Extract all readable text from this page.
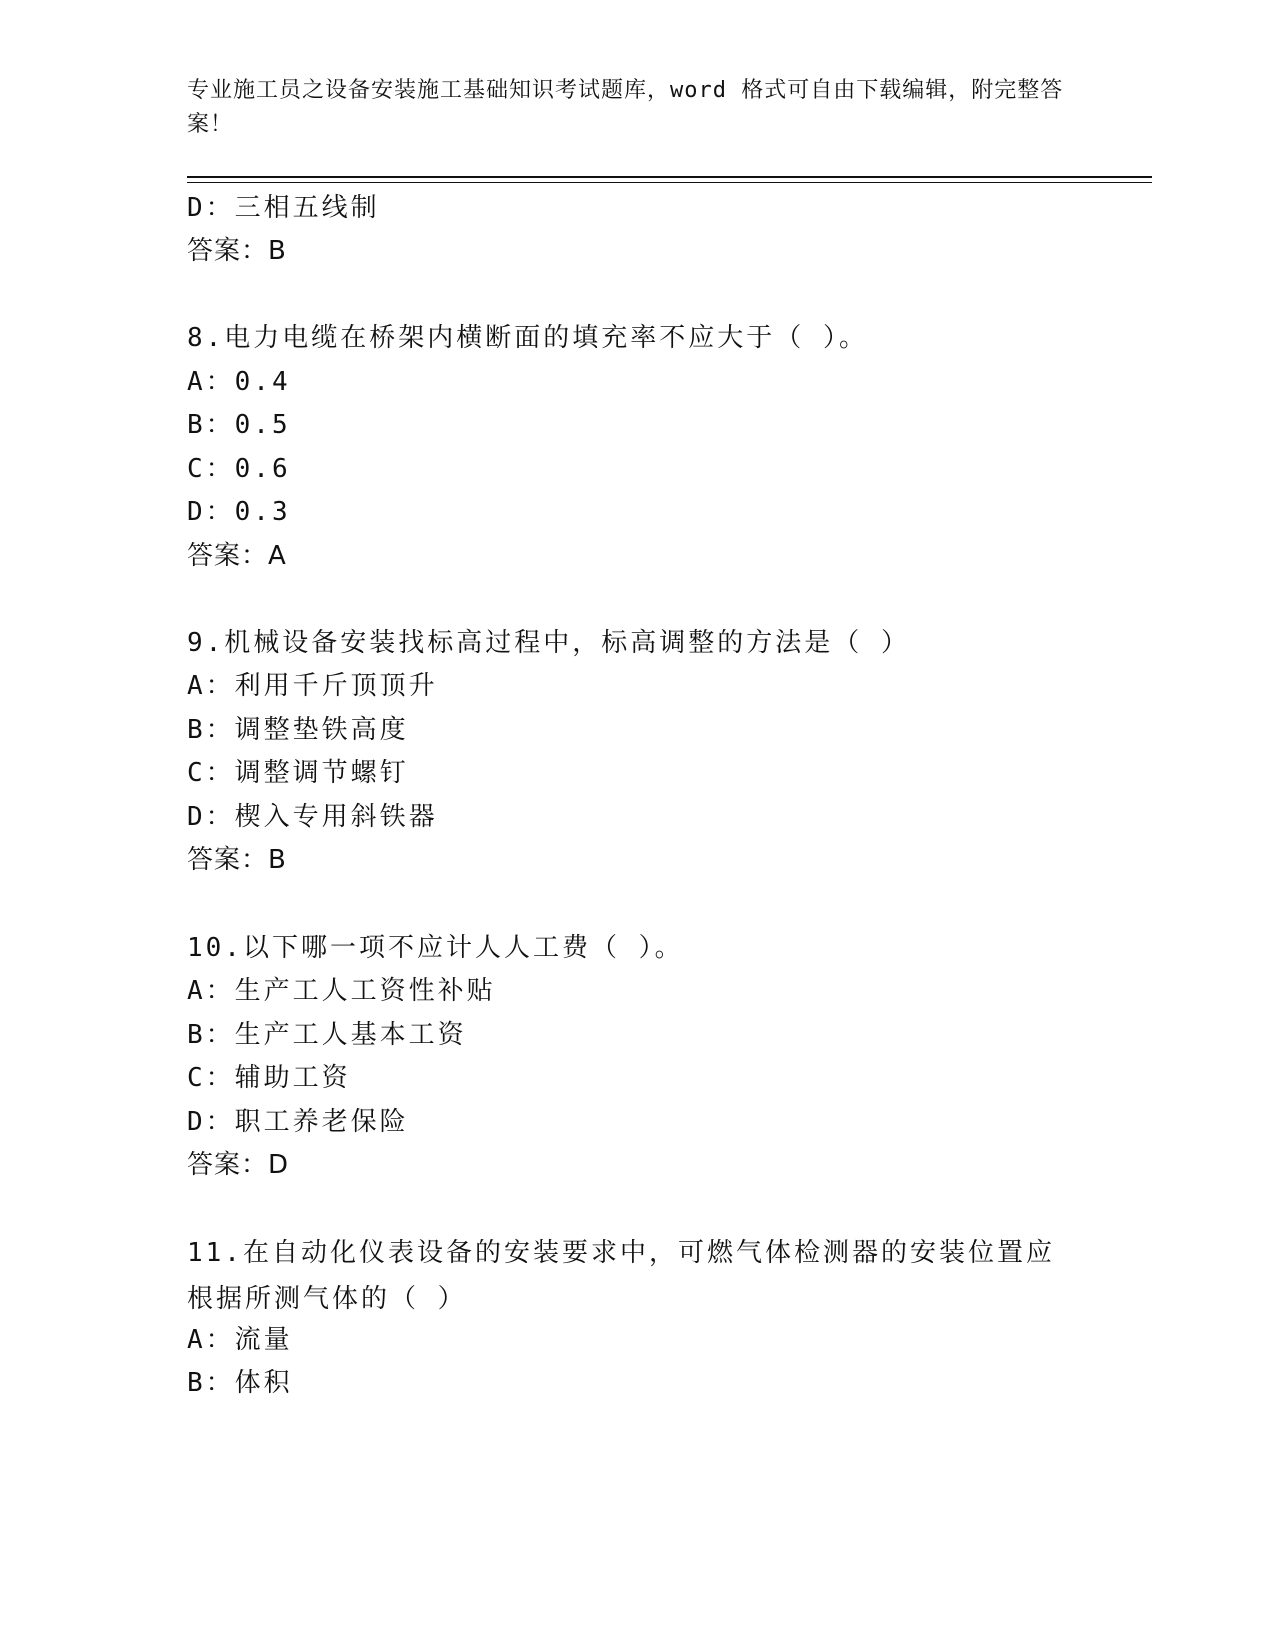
专业施工员之设备安装施工基础知识考试题库，word 格式可自由下载编辑，附完整答案！
D：三相五线制
答案：B
8.电力电缆在桥架内横断面的填充率不应大于（ ）。
A：0.4
B：0.5
C：0.6
D：0.3
答案：A
9.机械设备安装找标高过程中，标高调整的方法是（ ）
A：利用千斤顶顶升
B：调整垫铁高度
C：调整调节螺钉
D：楔入专用斜铁器
答案：B
10.以下哪一项不应计人人工费（ ）。
A：生产工人工资性补贴
B：生产工人基本工资
C：辅助工资
D：职工养老保险
答案：D
11.在自动化仪表设备的安装要求中，可燃气体检测器的安装位置应根据所测气体的（ ）
A：流量
B：体积
